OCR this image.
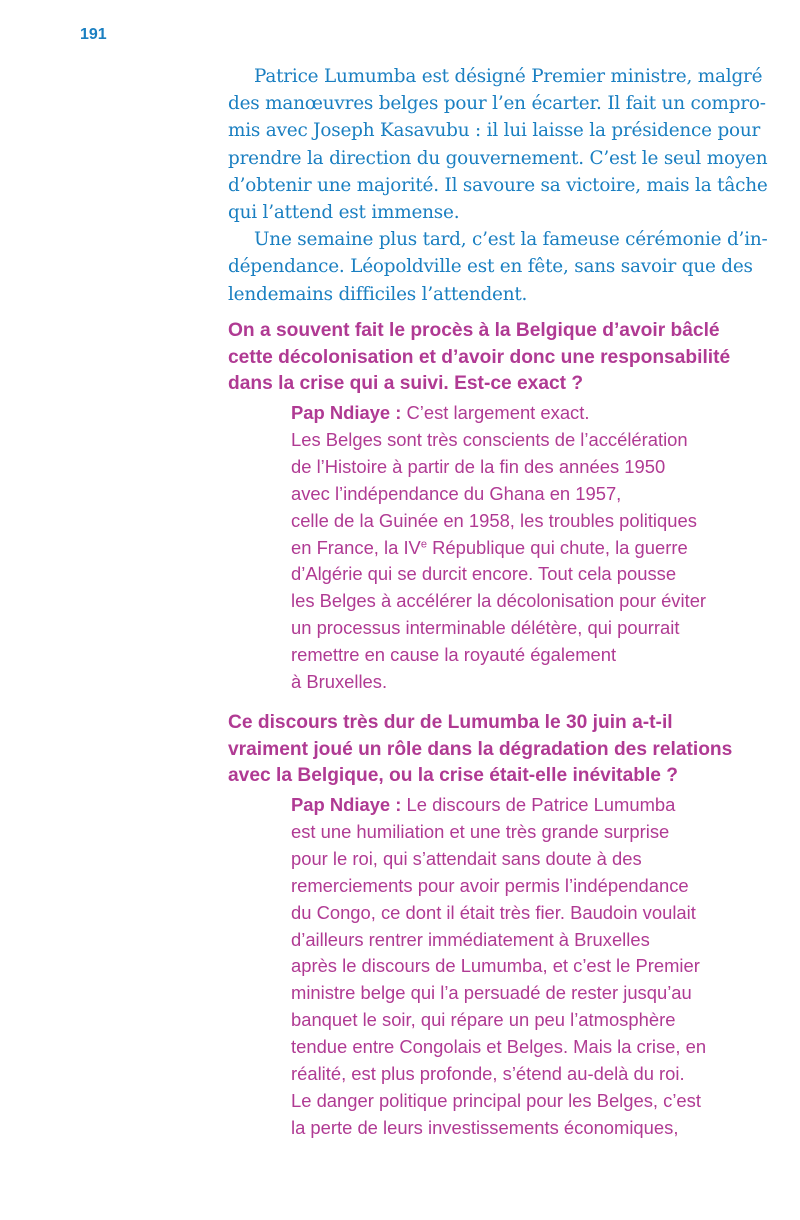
191
Patrice Lumumba est désigné Premier ministre, malgré
des manœuvres belges pour l’en écarter. Il fait un compro-
mis avec Joseph Kasavubu : il lui laisse la présidence pour
prendre la direction du gouvernement. C’est le seul moyen
d’obtenir une majorité. Il savoure sa victoire, mais la tâche
qui l’attend est immense.
Une semaine plus tard, c’est la fameuse cérémonie d’in-
dépendance. Léopoldville est en fête, sans savoir que des
lendemains difficiles l’attendent.
On a souvent fait le procès à la Belgique d’avoir bâclé
cette décolonisation et d’avoir donc une responsabilité
dans la crise qui a suivi. Est-ce exact ?
Pap Ndiaye : C’est largement exact.
Les Belges sont très conscients de l’accélération
de l’Histoire à partir de la fin des années 1950
avec l’indépendance du Ghana en 1957,
celle de la Guinée en 1958, les troubles politiques
en France, la IVe République qui chute, la guerre
d’Algérie qui se durcit encore. Tout cela pousse
les Belges à accélérer la décolonisation pour éviter
un processus interminable délétère, qui pourrait
remettre en cause la royauté également
à Bruxelles.
Ce discours très dur de Lumumba le 30 juin a-t-il
vraiment joué un rôle dans la dégradation des relations
avec la Belgique, ou la crise était-elle inévitable ?
Pap Ndiaye : Le discours de Patrice Lumumba
est une humiliation et une très grande surprise
pour le roi, qui s’attendait sans doute à des
remerciements pour avoir permis l’indépendance
du Congo, ce dont il était très fier. Baudoin voulait
d’ailleurs rentrer immédiatement à Bruxelles
après le discours de Lumumba, et c’est le Premier
ministre belge qui l’a persuadé de rester jusqu’au
banquet le soir, qui répare un peu l’atmosphère
tendue entre Congolais et Belges. Mais la crise, en
réalité, est plus profonde, s’étend au-delà du roi.
Le danger politique principal pour les Belges, c’est
la perte de leurs investissements économiques,
